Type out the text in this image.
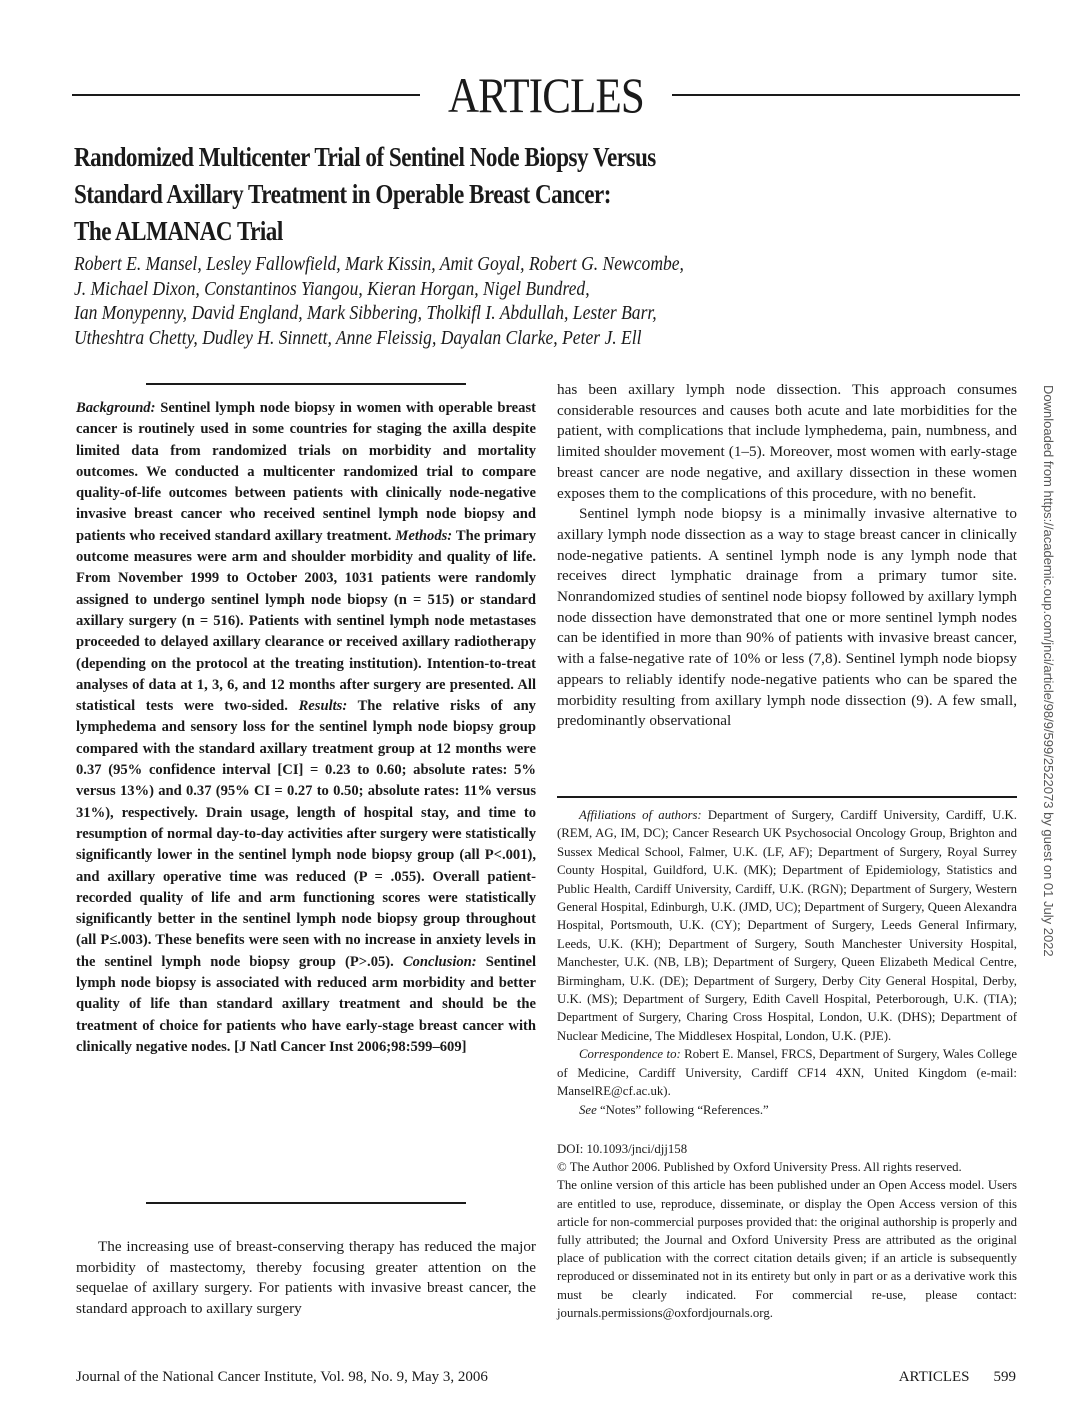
ARTICLES
Randomized Multicenter Trial of Sentinel Node Biopsy Versus
Standard Axillary Treatment in Operable Breast Cancer:
The ALMANAC Trial
Robert E. Mansel, Lesley Fallowfield, Mark Kissin, Amit Goyal, Robert G. Newcombe,
J. Michael Dixon, Constantinos Yiangou, Kieran Horgan, Nigel Bundred,
Ian Monypenny, David England, Mark Sibbering, Tholkifl I. Abdullah, Lester Barr,
Utheshtra Chetty, Dudley H. Sinnett, Anne Fleissig, Dayalan Clarke, Peter J. Ell
Background: Sentinel lymph node biopsy in women with operable breast cancer is routinely used in some countries for staging the axilla despite limited data from randomized trials on morbidity and mortality outcomes. We conducted a multicenter randomized trial to compare quality-of-life outcomes between patients with clinically node-negative invasive breast cancer who received sentinel lymph node biopsy and patients who received standard axillary treatment. Methods: The primary outcome measures were arm and shoulder morbidity and quality of life. From November 1999 to October 2003, 1031 patients were randomly assigned to undergo sentinel lymph node biopsy (n = 515) or standard axillary surgery (n = 516). Patients with sentinel lymph node metastases proceeded to delayed axillary clearance or received axillary radiotherapy (depending on the protocol at the treating institution). Intention-to-treat analyses of data at 1, 3, 6, and 12 months after surgery are presented. All statistical tests were two-sided. Results: The relative risks of any lymphedema and sensory loss for the sentinel lymph node biopsy group compared with the standard axillary treatment group at 12 months were 0.37 (95% confidence interval [CI] = 0.23 to 0.60; absolute rates: 5% versus 13%) and 0.37 (95% CI = 0.27 to 0.50; absolute rates: 11% versus 31%), respectively. Drain usage, length of hospital stay, and time to resumption of normal day-to-day activities after surgery were statistically significantly lower in the sentinel lymph node biopsy group (all P<.001), and axillary operative time was reduced (P = .055). Overall patient-recorded quality of life and arm functioning scores were statistically significantly better in the sentinel lymph node biopsy group throughout (all P≤.003). These benefits were seen with no increase in anxiety levels in the sentinel lymph node biopsy group (P>.05). Conclusion: Sentinel lymph node biopsy is associated with reduced arm morbidity and better quality of life than standard axillary treatment and should be the treatment of choice for patients who have early-stage breast cancer with clinically negative nodes. [J Natl Cancer Inst 2006;98:599–609]

The increasing use of breast-conserving therapy has reduced the major morbidity of mastectomy, thereby focusing greater attention on the sequelae of axillary surgery. For patients with invasive breast cancer, the standard approach to axillary surgery

has been axillary lymph node dissection. This approach consumes considerable resources and causes both acute and late morbidities for the patient, with complications that include lymphedema, pain, numbness, and limited shoulder movement (1–5). Moreover, most women with early-stage breast cancer are node negative, and axillary dissection in these women exposes them to the complications of this procedure, with no benefit.

Sentinel lymph node biopsy is a minimally invasive alternative to axillary lymph node dissection as a way to stage breast cancer in clinically node-negative patients. A sentinel lymph node is any lymph node that receives direct lymphatic drainage from a primary tumor site. Nonrandomized studies of sentinel node biopsy followed by axillary lymph node dissection have demonstrated that one or more sentinel lymph nodes can be identified in more than 90% of patients with invasive breast cancer, with a false-negative rate of 10% or less (7,8). Sentinel lymph node biopsy appears to reliably identify node-negative patients who can be spared the morbidity resulting from axillary lymph node dissection (9). A few small, predominantly observational

Affiliations of authors: Department of Surgery, Cardiff University, Cardiff, U.K. (REM, AG, IM, DC); Cancer Research UK Psychosocial Oncology Group, Brighton and Sussex Medical School, Falmer, U.K. (LF, AF); Department of Surgery, Royal Surrey County Hospital, Guildford, U.K. (MK); Department of Epidemiology, Statistics and Public Health, Cardiff University, Cardiff, U.K. (RGN); Department of Surgery, Western General Hospital, Edinburgh, U.K. (JMD, UC); Department of Surgery, Queen Alexandra Hospital, Portsmouth, U.K. (CY); Department of Surgery, Leeds General Infirmary, Leeds, U.K. (KH); Department of Surgery, South Manchester University Hospital, Manchester, U.K. (NB, LB); Department of Surgery, Queen Elizabeth Medical Centre, Birmingham, U.K. (DE); Department of Surgery, Derby City General Hospital, Derby, U.K. (MS); Department of Surgery, Edith Cavell Hospital, Peterborough, U.K. (TIA); Department of Surgery, Charing Cross Hospital, London, U.K. (DHS); Department of Nuclear Medicine, The Middlesex Hospital, London, U.K. (PJE).

Correspondence to: Robert E. Mansel, FRCS, Department of Surgery, Wales College of Medicine, Cardiff University, Cardiff CF14 4XN, United Kingdom (e-mail: ManselRE@cf.ac.uk).

See “Notes” following “References.”

DOI: 10.1093/jnci/djj158

© The Author 2006. Published by Oxford University Press. All rights reserved.

The online version of this article has been published under an Open Access model. Users are entitled to use, reproduce, disseminate, or display the Open Access version of this article for non-commercial purposes provided that: the original authorship is properly and fully attributed; the Journal and Oxford University Press are attributed as the original place of publication with the correct citation details given; if an article is subsequently reproduced or disseminated not in its entirety but only in part or as a derivative work this must be clearly indicated. For commercial re-use, please contact: journals.permissions@oxfordjournals.org.

Journal of the National Cancer Institute, Vol. 98, No. 9, May 3, 2006	ARTICLES 599
Downloaded from https://academic.oup.com/jnci/article/98/9/599/2522073 by guest on 01 July 2022
